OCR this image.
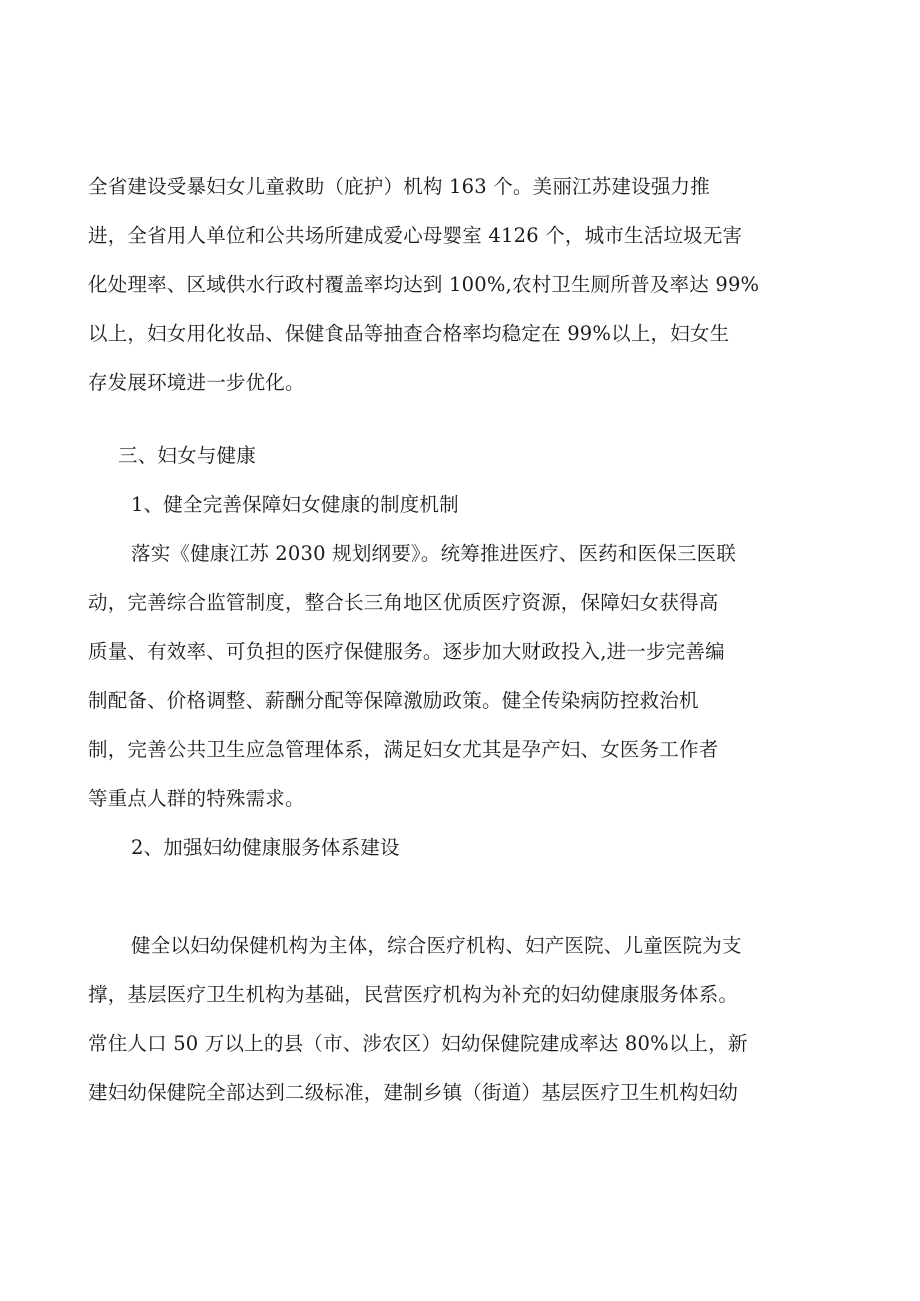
全省建设受暴妇女儿童救助（庇护）机构 163 个。美丽江苏建设强力推
进，全省用人单位和公共场所建成爱心母婴室 4126 个，城市生活垃圾无害
化处理率、区域供水行政村覆盖率均达到 100%,农村卫生厕所普及率达 99%
以上，妇女用化妆品、保健食品等抽查合格率均稳定在 99%以上，妇女生
存发展环境进一步优化。
三、妇女与健康
1、健全完善保障妇女健康的制度机制
落实《健康江苏 2030 规划纲要》。统筹推进医疗、医药和医保三医联
动，完善综合监管制度，整合长三角地区优质医疗资源，保障妇女获得高
质量、有效率、可负担的医疗保健服务。逐步加大财政投入,进一步完善编
制配备、价格调整、薪酬分配等保障激励政策。健全传染病防控救治机
制，完善公共卫生应急管理体系，满足妇女尤其是孕产妇、女医务工作者
等重点人群的特殊需求。
2、加强妇幼健康服务体系建设
健全以妇幼保健机构为主体，综合医疗机构、妇产医院、儿童医院为支
撑，基层医疗卫生机构为基础，民营医疗机构为补充的妇幼健康服务体系。
常住人口 50 万以上的县（市、涉农区）妇幼保健院建成率达 80%以上，新
建妇幼保健院全部达到二级标准，建制乡镇（街道）基层医疗卫生机构妇幼
